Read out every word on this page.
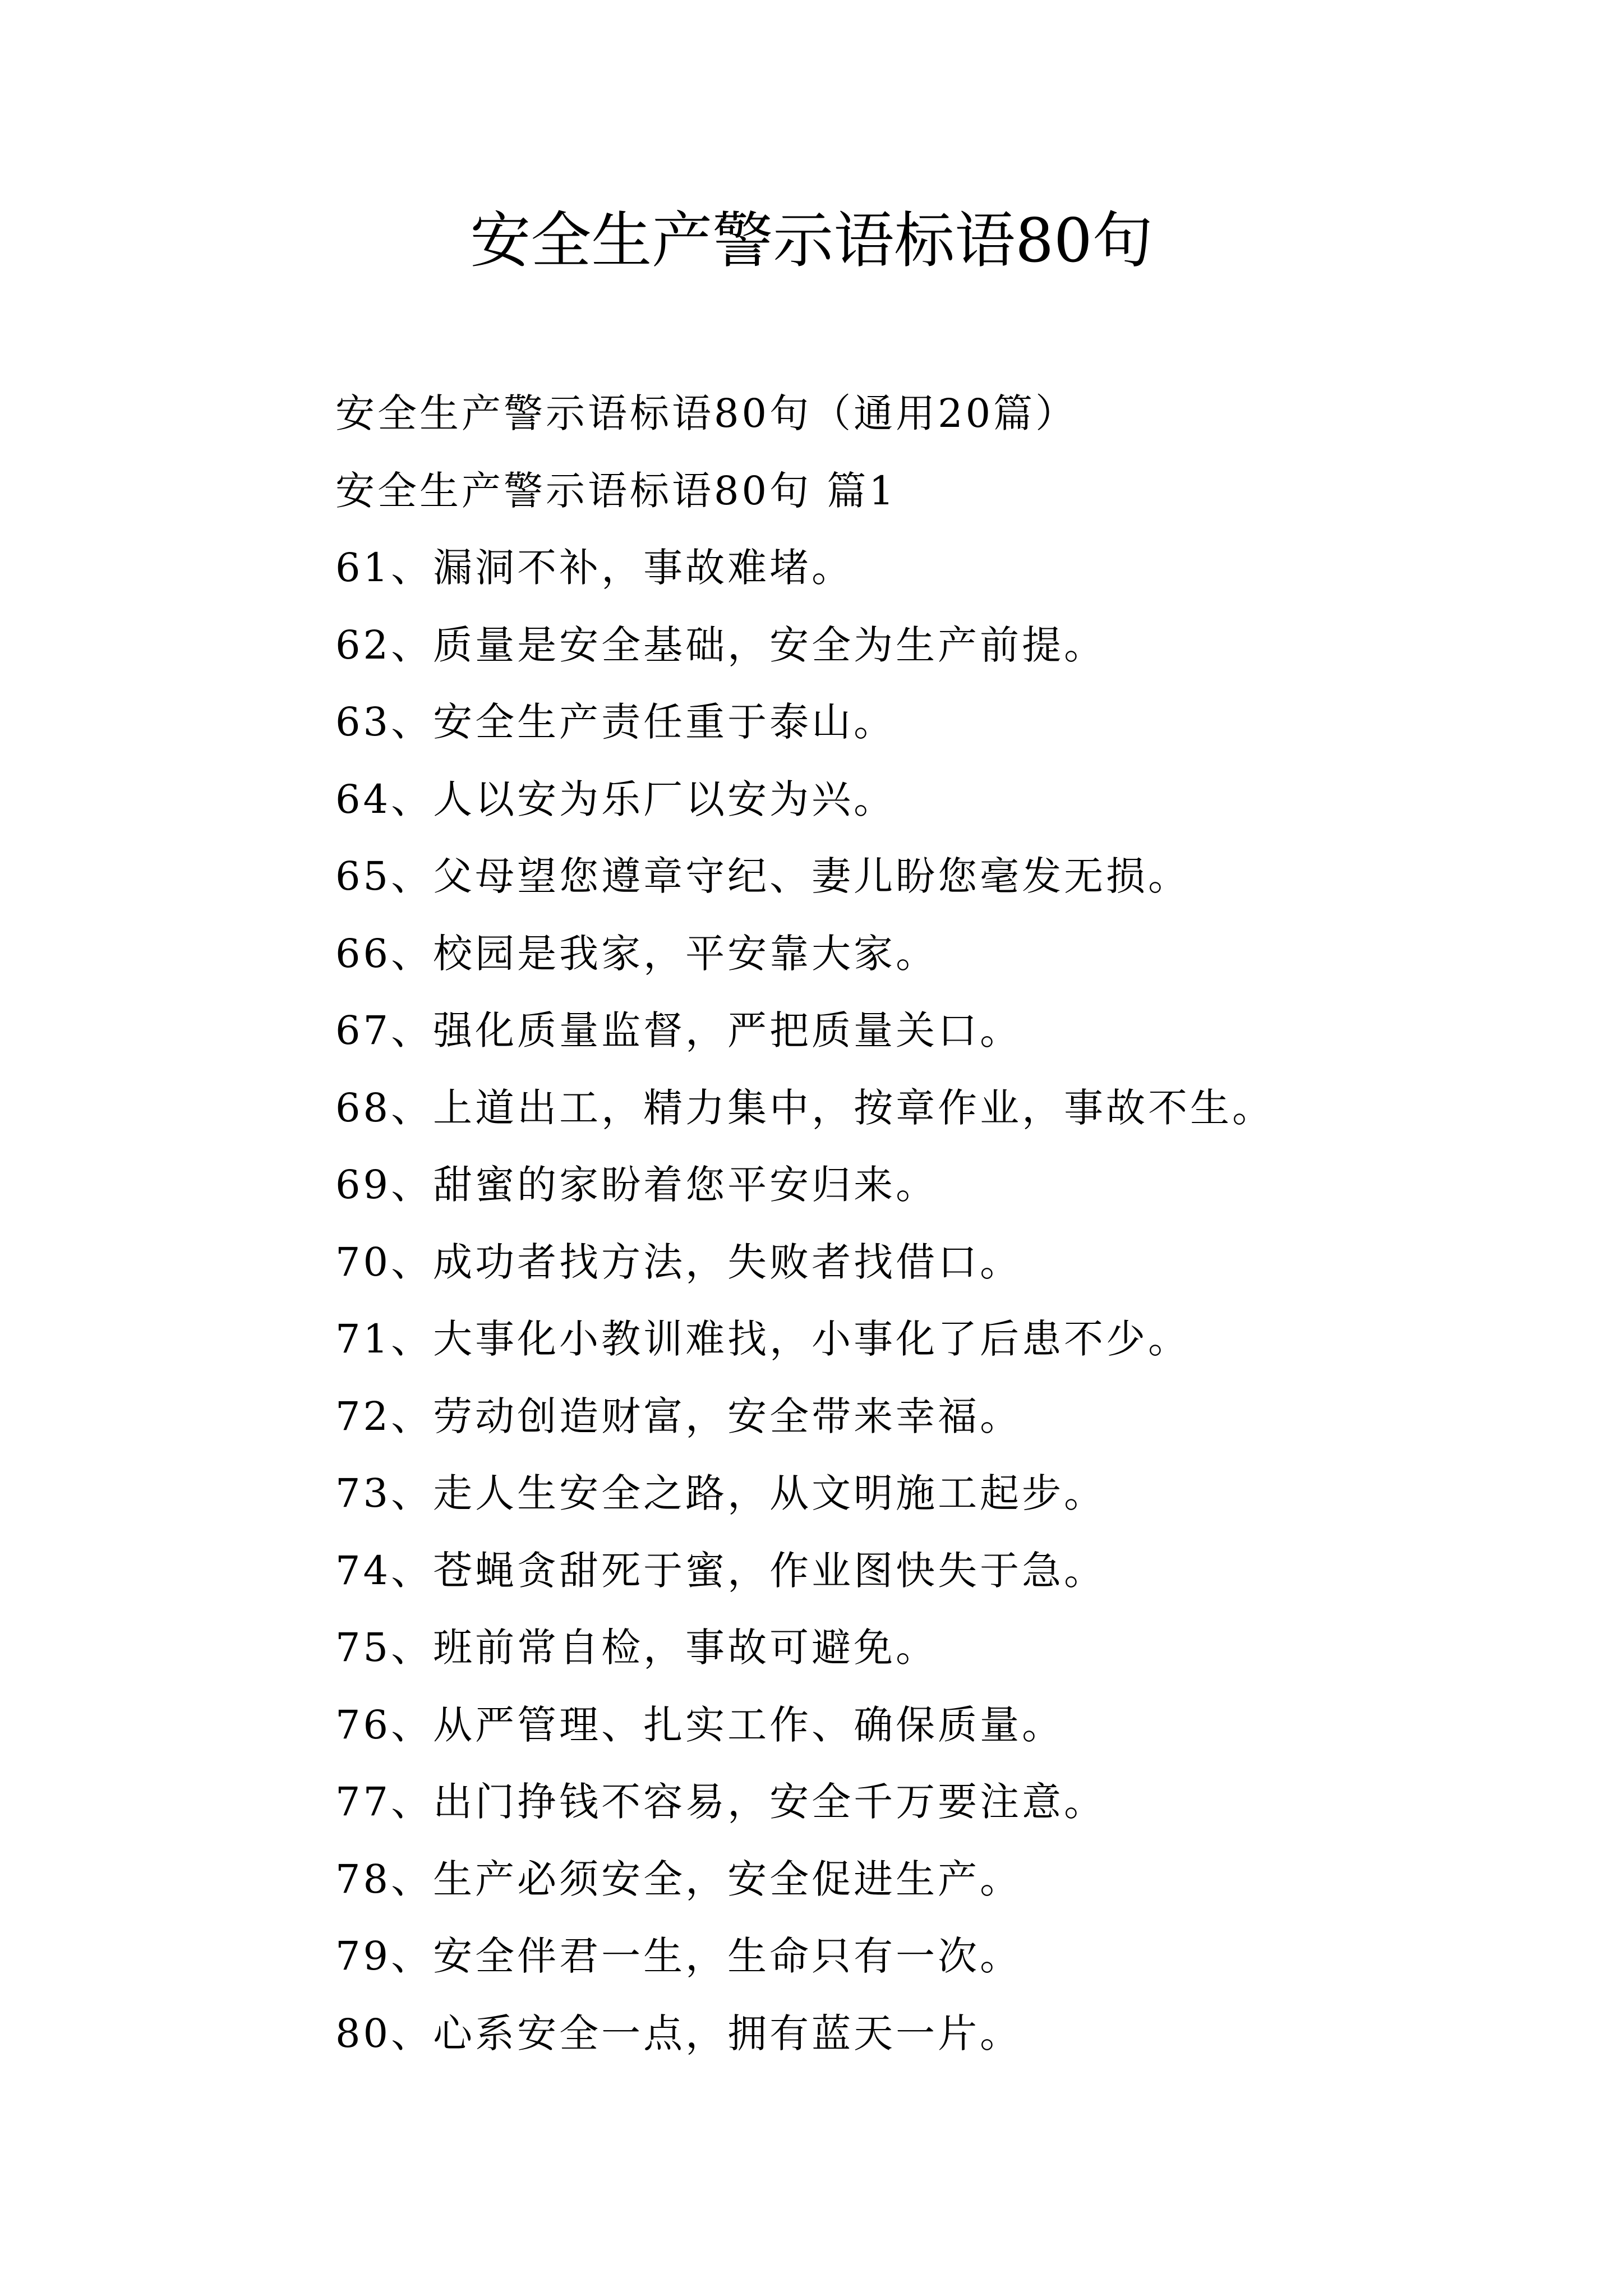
安全生产警示语标语80句
安全生产警示语标语80句（通用20篇）
安全生产警示语标语80句 篇1
61、漏洞不补，事故难堵。
62、质量是安全基础，安全为生产前提。
63、安全生产责任重于泰山。
64、人以安为乐厂以安为兴。
65、父母望您遵章守纪、妻儿盼您毫发无损。
66、校园是我家，平安靠大家。
67、强化质量监督，严把质量关口。
68、上道出工，精力集中，按章作业，事故不生。
69、甜蜜的家盼着您平安归来。
70、成功者找方法，失败者找借口。
71、大事化小教训难找，小事化了后患不少。
72、劳动创造财富，安全带来幸福。
73、走人生安全之路，从文明施工起步。
74、苍蝇贪甜死于蜜，作业图快失于急。
75、班前常自检，事故可避免。
76、从严管理、扎实工作、确保质量。
77、出门挣钱不容易，安全千万要注意。
78、生产必须安全，安全促进生产。
79、安全伴君一生，生命只有一次。
80、心系安全一点，拥有蓝天一片。
